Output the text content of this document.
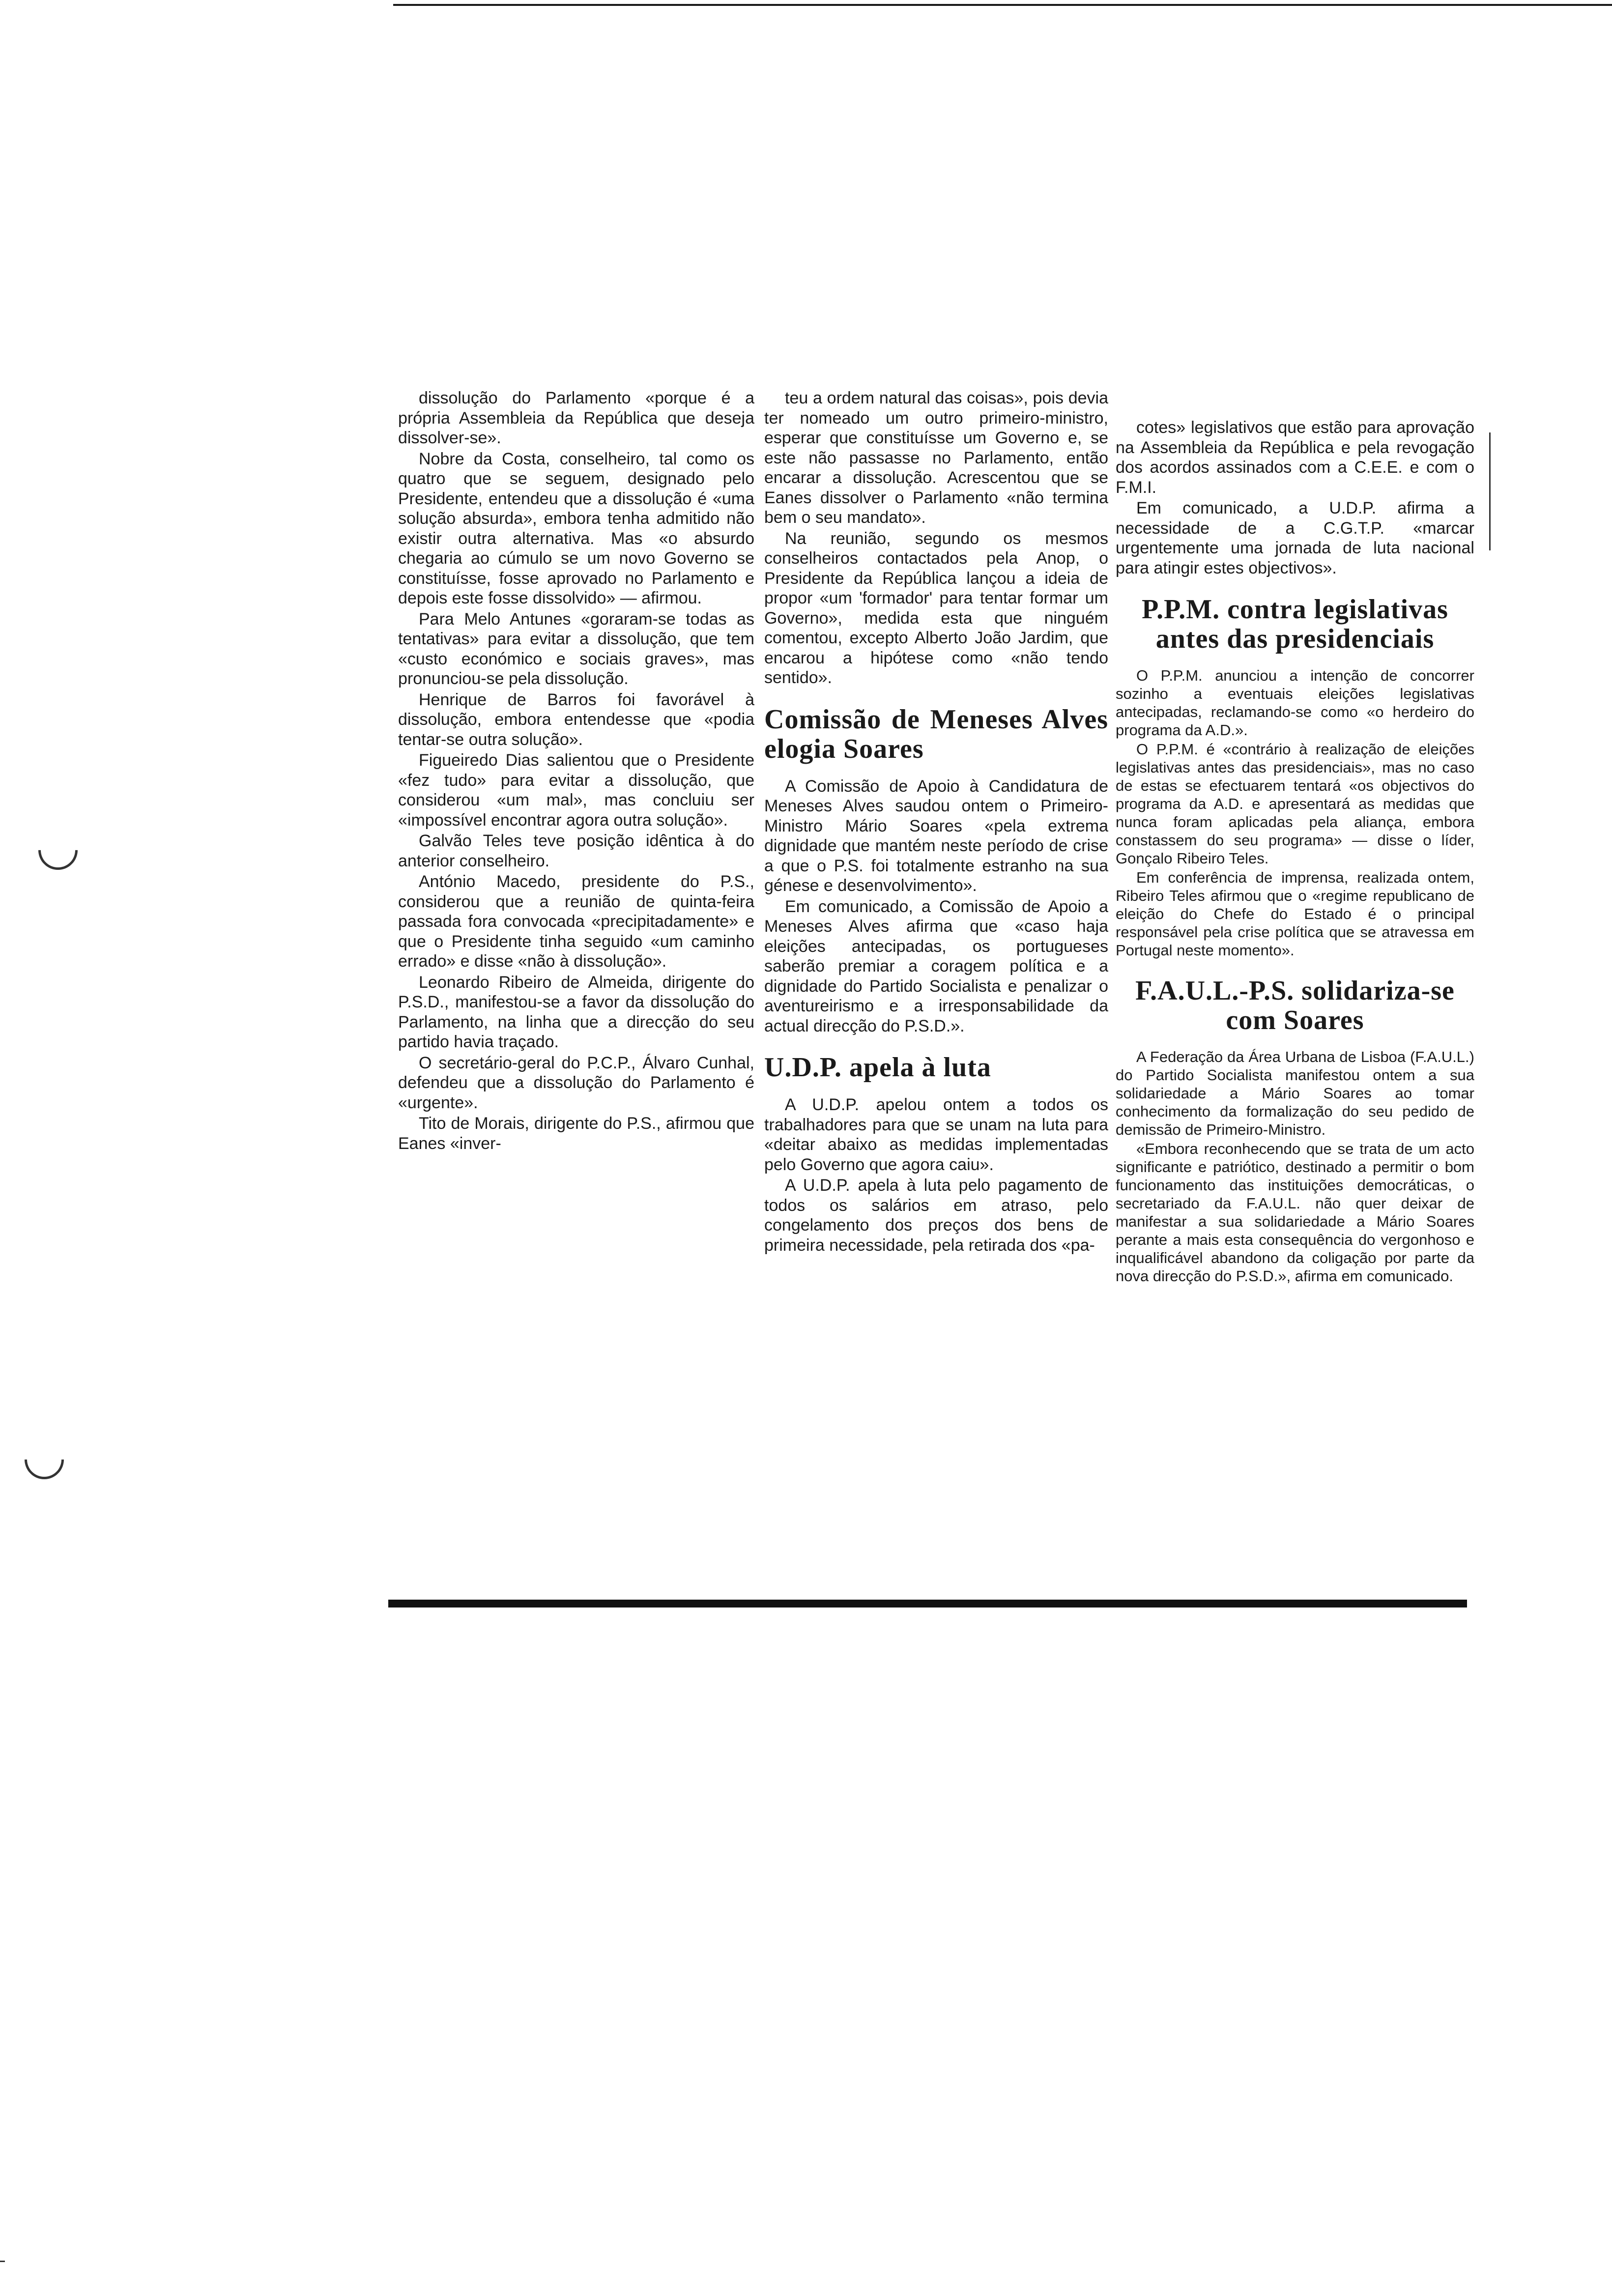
dissolução do Parlamento «porque é a própria Assembleia da República que deseja dissolver-se».

Nobre da Costa, conselheiro, tal como os quatro que se seguem, designado pelo Presidente, entendeu que a dissolução é «uma solução absurda», embora tenha admitido não existir outra alternativa. Mas «o absurdo chegaria ao cúmulo se um novo Governo se constituísse, fosse aprovado no Parlamento e depois este fosse dissolvido» — afirmou.

Para Melo Antunes «goraram-se todas as tentativas» para evitar a dissolução, que tem «custo económico e sociais graves», mas pronunciou-se pela dissolução.

Henrique de Barros foi favorável à dissolução, embora entendesse que «podia tentar-se outra solução».

Figueiredo Dias salientou que o Presidente «fez tudo» para evitar a dissolução, que considerou «um mal», mas concluiu ser «impossível encontrar agora outra solução».

Galvão Teles teve posição idêntica à do anterior conselheiro.

António Macedo, presidente do P.S., considerou que a reunião de quinta-feira passada fora convocada «precipitadamente» e que o Presidente tinha seguido «um caminho errado» e disse «não à dissolução».

Leonardo Ribeiro de Almeida, dirigente do P.S.D., manifestou-se a favor da dissolução do Parlamento, na linha que a direcção do seu partido havia traçado.

O secretário-geral do P.C.P., Álvaro Cunhal, defendeu que a dissolução do Parlamento é «urgente».

Tito de Morais, dirigente do P.S., afirmou que Eanes «inver-

teu a ordem natural das coisas», pois devia ter nomeado um outro primeiro-ministro, esperar que constituísse um Governo e, se este não passasse no Parlamento, então encarar a dissolução. Acrescentou que se Eanes dissolver o Parlamento «não termina bem o seu mandato».

Na reunião, segundo os mesmos conselheiros contactados pela Anop, o Presidente da República lançou a ideia de propor «um 'formador' para tentar formar um Governo», medida esta que ninguém comentou, excepto Alberto João Jardim, que encarou a hipótese como «não tendo sentido».

Comissão de Meneses Alves elogia Soares

A Comissão de Apoio à Candidatura de Meneses Alves saudou ontem o Primeiro-Ministro Mário Soares «pela extrema dignidade que mantém neste período de crise a que o P.S. foi totalmente estranho na sua génese e desenvolvimento».

Em comunicado, a Comissão de Apoio a Meneses Alves afirma que «caso haja eleições antecipadas, os portugueses saberão premiar a coragem política e a dignidade do Partido Socialista e penalizar o aventureirismo e a irresponsabilidade da actual direcção do P.S.D.».

U.D.P. apela à luta

A U.D.P. apelou ontem a todos os trabalhadores para que se unam na luta para «deitar abaixo as medidas implementadas pelo Governo que agora caiu».

A U.D.P. apela à luta pelo pagamento de todos os salários em atraso, pelo congelamento dos preços dos bens de primeira necessidade, pela retirada dos «pa-

cotes» legislativos que estão para aprovação na Assembleia da República e pela revogação dos acordos assinados com a C.E.E. e com o F.M.I.

Em comunicado, a U.D.P. afirma a necessidade de a C.G.T.P. «marcar urgentemente uma jornada de luta nacional para atingir estes objectivos».

P.P.M. contra legislativas antes das presidenciais

O P.P.M. anunciou a intenção de concorrer sozinho a eventuais eleições legislativas antecipadas, reclamando-se como «o herdeiro do programa da A.D.».

O P.P.M. é «contrário à realização de eleições legislativas antes das presidenciais», mas no caso de estas se efectuarem tentará «os objectivos do programa da A.D. e apresentará as medidas que nunca foram aplicadas pela aliança, embora constassem do seu programa» — disse o líder, Gonçalo Ribeiro Teles.

Em conferência de imprensa, realizada ontem, Ribeiro Teles afirmou que o «regime republicano de eleição do Chefe do Estado é o principal responsável pela crise política que se atravessa em Portugal neste momento».

F.A.U.L.-P.S. solidariza-se com Soares

A Federação da Área Urbana de Lisboa (F.A.U.L.) do Partido Socialista manifestou ontem a sua solidariedade a Mário Soares ao tomar conhecimento da formalização do seu pedido de demissão de Primeiro-Ministro.

«Embora reconhecendo que se trata de um acto significante e patriótico, destinado a permitir o bom funcionamento das instituições democráticas, o secretariado da F.A.U.L. não quer deixar de manifestar a sua solidariedade a Mário Soares perante a mais esta consequência do vergonhoso e inqualificável abandono da coligação por parte da nova direcção do P.S.D.», afirma em comunicado.
